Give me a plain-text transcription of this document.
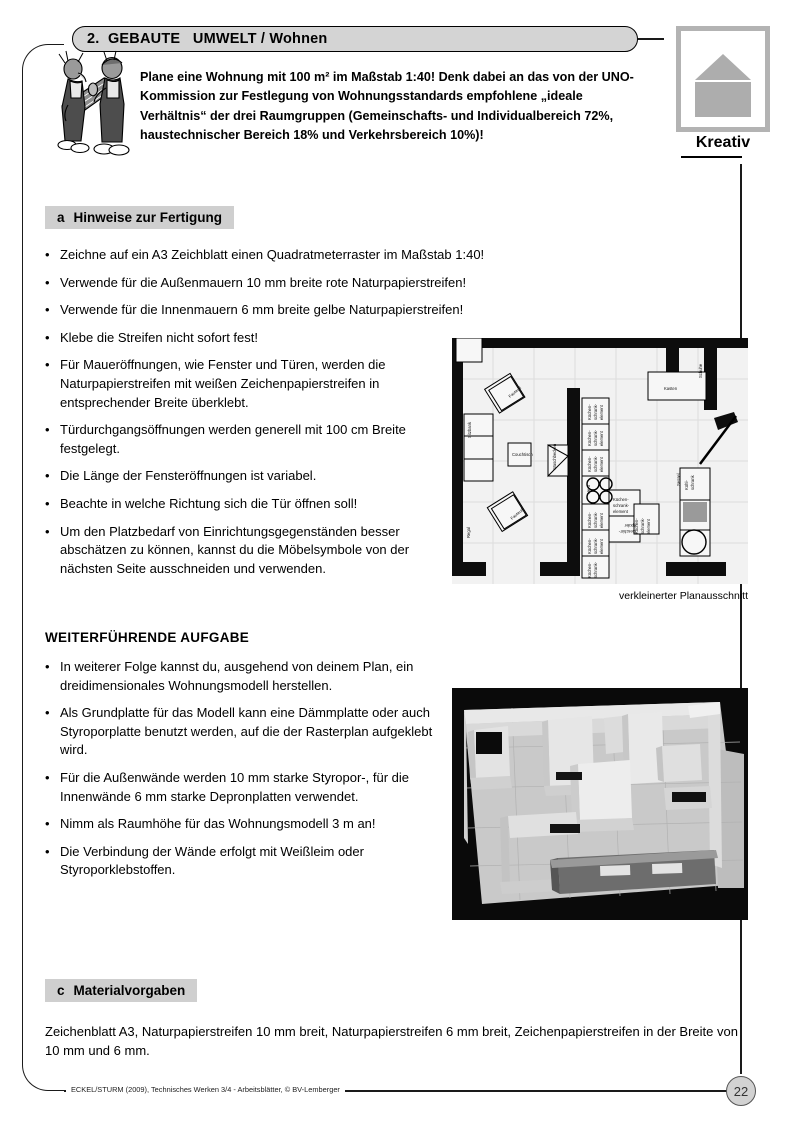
2.  GEBAUTE   UMWELT / Wohnen
Kreativ
Plane eine Wohnung mit 100 m² im Maßstab 1:40! Denk dabei an das von der UNO-Kommission zur Festlegung von Wohnungsstandards empfohlene „ideale Verhältnis“ der drei Raumgruppen (Gemeinschafts- und Individualbereich 72%, haustechnischer Bereich 18% und Verkehrsbereich 10%)!
a Hinweise zur Fertigung
• Zeichne auf ein A3 Zeichblatt einen Quadratmeterraster im Maßstab 1:40!
• Verwende für die Außenmauern 10 mm breite rote Naturpapierstreifen!
• Verwende für die Innenmauern 6 mm breite gelbe Naturpapierstreifen!
• Klebe die Streifen nicht sofort fest!
• Für Maueröffnungen, wie Fenster und Türen, werden die Naturpapierstreifen mit weißen Zeichenpapierstreifen in entsprechender Breite überklebt.
• Türdurchgangsöffnungen werden generell mit 100 cm Breite festgelegt.
• Die Länge der Fensteröffnungen ist variabel.
• Beachte in welche Richtung sich die Tür öffnen soll!
• Um den Platzbedarf von Einrichtungsgegenständen besser abschätzen zu können, kannst du die Möbelsymbole von der nächsten Seite ausschneiden und verwenden.
Sitzbank
Regal
Couchtisch
Fauteuil
Fauteuil
Waschbecken
Herd
Küchen- schrank- element
Küchen- schrank- element
Küchen- schrank- element
Küchen- schrank- element
Küchen- schrank- element
Küchen- schrank-
Küchen-
schrank-
element
Küchen- schrank- element
Geschirr-
spüler
Kühl- schrank
Sessel
Kasten
Schuhe
verkleinerter Planausschnitt
WEITERFÜHRENDE AUFGABE
• In weiterer Folge kannst du, ausgehend von deinem Plan, ein dreidimensionales Wohnungsmodell herstellen.
• Als Grundplatte für das Modell kann eine Dämmplatte oder auch Styroporplatte benutzt werden, auf die der Rasterplan aufgeklebt wird.
• Für die Außenwände werden 10 mm starke Styropor-, für die Innenwände 6 mm starke Depronplatten verwendet.
• Nimm als Raumhöhe für das Wohnungsmodell 3 m an!
• Die Verbindung der Wände erfolgt mit Weißleim oder Styroporklebstoffen.
c Materialvorgaben
Zeichenblatt A3, Naturpapierstreifen 10 mm breit, Naturpapierstreifen 6 mm breit, Zeichenpapierstreifen in der Breite von 10 mm und 6 mm.
ECKEL/STURM (2009), Technisches Werken 3/4 - Arbeitsblätter, © BV-Lemberger	22
